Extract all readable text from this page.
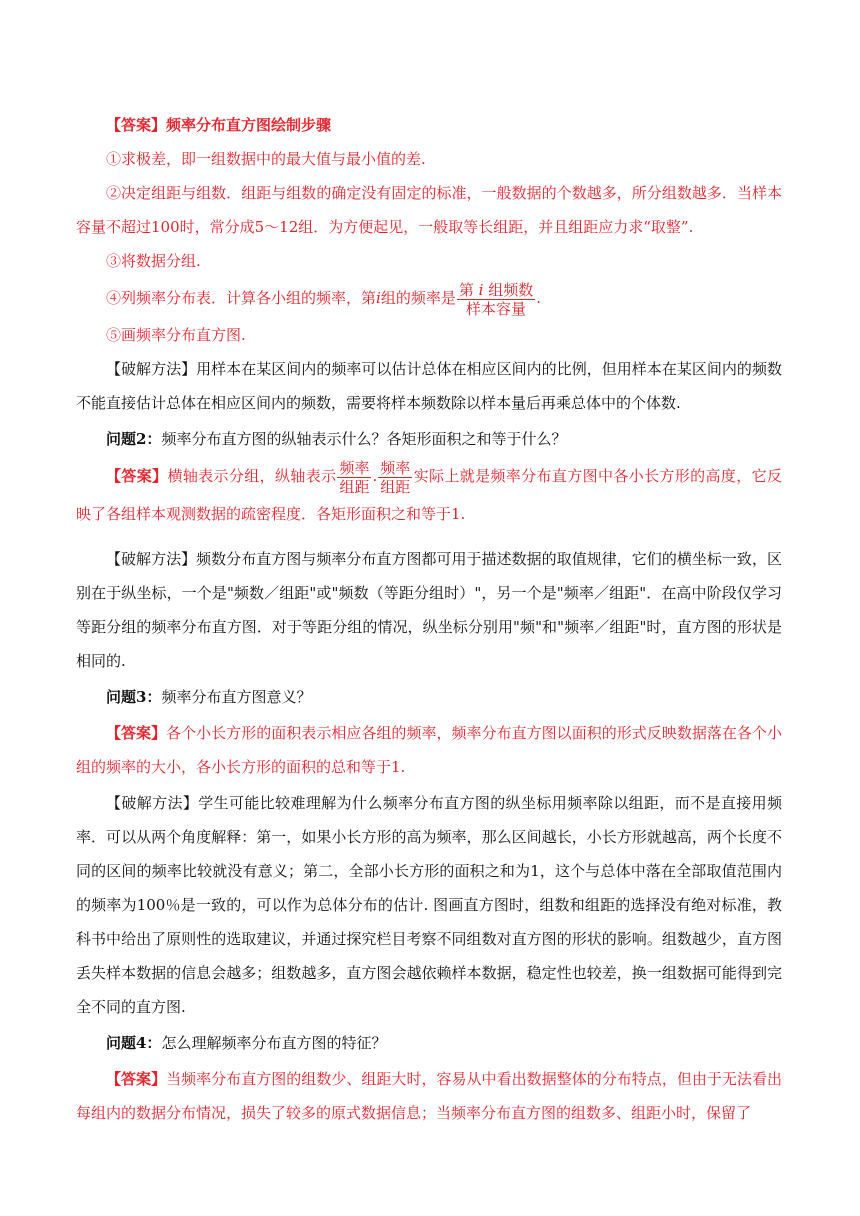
【答案】频率分布直方图绘制步骤

①求极差，即一组数据中的最大值与最小值的差.

②决定组距与组数．组距与组数的确定没有固定的标准，一般数据的个数越多，所分组数越多．当样本容量不超过100时，常分成5～12组．为方便起见，一般取等长组距，并且组距应力求“取整”.

③将数据分组.

④列频率分布表．计算各小组的频率，第i组的频率是 $\frac{\text{第 i 组频数}}{\text{样本容量}}$ .

⑤画频率分布直方图.

【破解方法】用样本在某区间内的频率可以估计总体在相应区间内的比例，但用样本在某区间内的频数不能直接估计总体在相应区间内的频数，需要将样本频数除以样本量后再乘总体中的个体数.

问题2：频率分布直方图的纵轴表示什么？各矩形面积之和等于什么？

【答案】横轴表示分组，纵轴表示 $\frac{\text{频率}}{\text{组距}}$ . $\frac{\text{频率}}{\text{组距}}$ 实际上就是频率分布直方图中各小长方形的高度，它反映了各组样本观测数据的疏密程度．各矩形面积之和等于1.

【破解方法】频数分布直方图与频率分布直方图都可用于描述数据的取值规律，它们的横坐标一致，区别在于纵坐标，一个是"频数／组距"或"频数（等距分组时）"，另一个是"频率／组距"．在高中阶段仅学习等距分组的频率分布直方图．对于等距分组的情况，纵坐标分别用"频"和"频率／组距"时，直方图的形状是相同的.

问题3：频率分布直方图意义？

【答案】各个小长方形的面积表示相应各组的频率，频率分布直方图以面积的形式反映数据落在各个小组的频率的大小，各小长方形的面积的总和等于1.

【破解方法】学生可能比较难理解为什么频率分布直方图的纵坐标用频率除以组距，而不是直接用频率．可以从两个角度解释：第一，如果小长方形的高为频率，那么区间越长，小长方形就越高，两个长度不同的区间的频率比较就没有意义；第二，全部小长方形的面积之和为1，这个与总体中落在全部取值范围内的频率为100％是一致的，可以作为总体分布的估计. 图画直方图时，组数和组距的选择没有绝对标准，教科书中给出了原则性的选取建议，并通过探究栏目考察不同组数对直方图的形状的影响。组数越少，直方图丢失样本数据的信息会越多；组数越多，直方图会越依赖样本数据，稳定性也较差，换一组数据可能得到完全不同的直方图.

问题4：怎么理解频率分布直方图的特征？

【答案】当频率分布直方图的组数少、组距大时，容易从中看出数据整体的分布特点，但由于无法看出每组内的数据分布情况，损失了较多的原式数据信息；当频率分布直方图的组数多、组距小时，保留了
